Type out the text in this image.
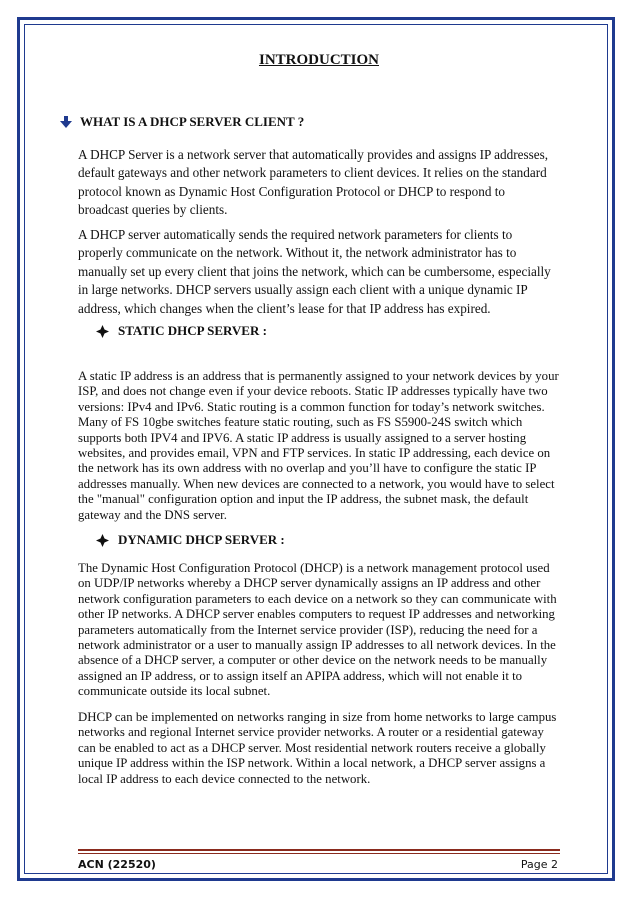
INTRODUCTION
WHAT IS A DHCP SERVER CLIENT ?

A DHCP Server is a network server that automatically provides and assigns IP addresses, default gateways and other network parameters to client devices. It relies on the standard protocol known as Dynamic Host Configuration Protocol or DHCP to respond to broadcast queries by clients.

A DHCP server automatically sends the required network parameters for clients to properly communicate on the network. Without it, the network administrator has to manually set up every client that joins the network, which can be cumbersome, especially in large networks. DHCP servers usually assign each client with a unique dynamic IP address, which changes when the client’s lease for that IP address has expired.

STATIC DHCP SERVER :

A static IP address is an address that is permanently assigned to your network devices by your ISP, and does not change even if your device reboots. Static IP addresses typically have two versions: IPv4 and IPv6. Static routing is a common function for today’s network switches. Many of FS 10gbe switches feature static routing, such as FS S5900-24S switch which supports both IPV4 and IPV6. A static IP address is usually assigned to a server hosting websites, and provides email, VPN and FTP services. In static IP addressing, each device on the network has its own address with no overlap and you’ll have to configure the static IP addresses manually. When new devices are connected to a network, you would have to select the "manual" configuration option and input the IP address, the subnet mask, the default gateway and the DNS server.

DYNAMIC DHCP SERVER :

The Dynamic Host Configuration Protocol (DHCP) is a network management protocol used on UDP/IP networks whereby a DHCP server dynamically assigns an IP address and other network configuration parameters to each device on a network so they can communicate with other IP networks. A DHCP server enables computers to request IP addresses and networking parameters automatically from the Internet service provider (ISP), reducing the need for a network administrator or a user to manually assign IP addresses to all network devices. In the absence of a DHCP server, a computer or other device on the network needs to be manually assigned an IP address, or to assign itself an APIPA address, which will not enable it to communicate outside its local subnet.

DHCP can be implemented on networks ranging in size from home networks to large campus networks and regional Internet service provider networks. A router or a residential gateway can be enabled to act as a DHCP server. Most residential network routers receive a globally unique IP address within the ISP network. Within a local network, a DHCP server assigns a local IP address to each device connected to the network.

ACN (22520)	Page 2
